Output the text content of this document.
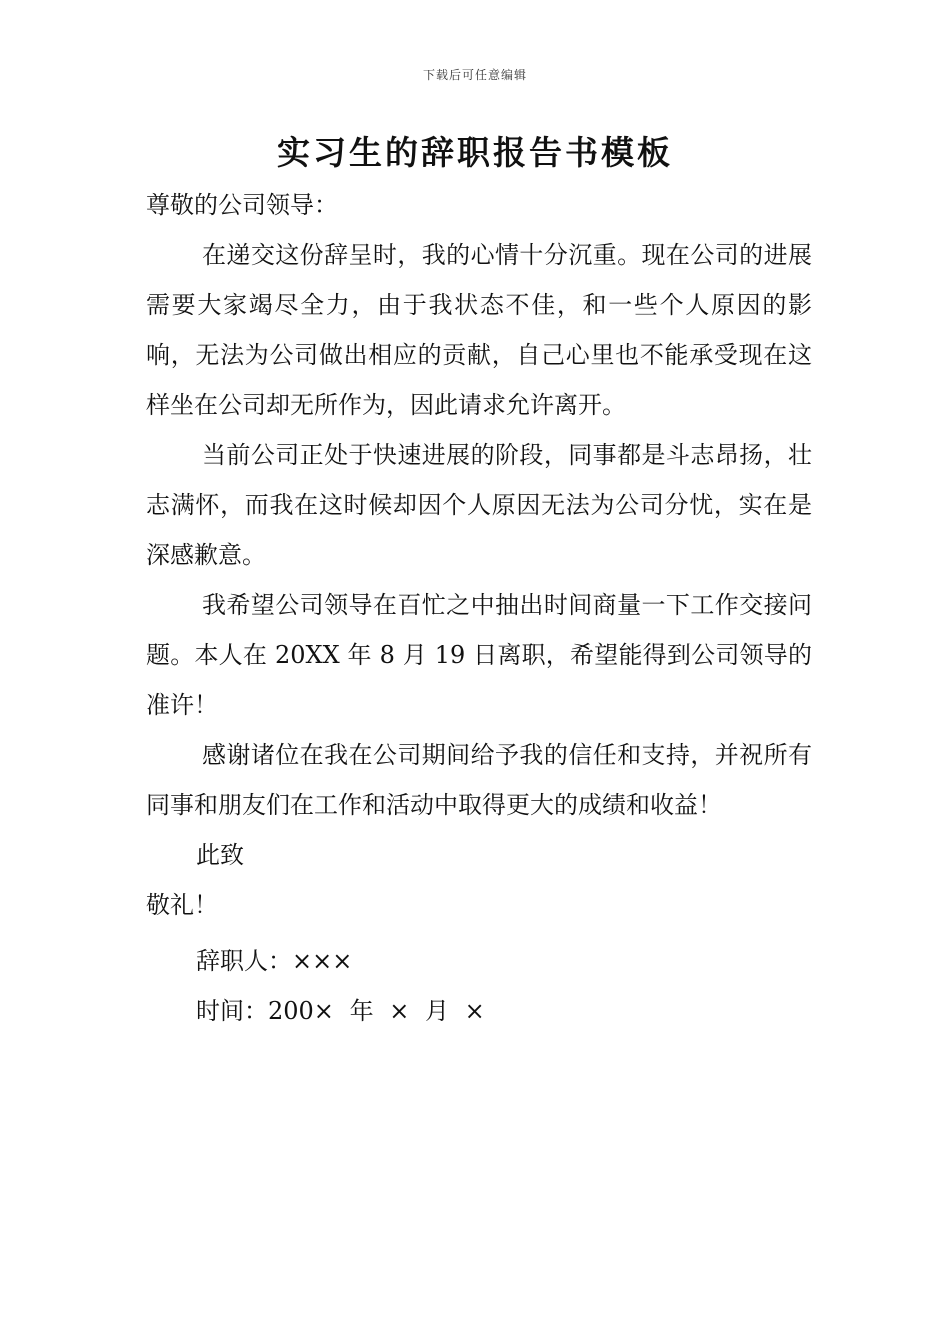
下载后可任意编辑
实习生的辞职报告书模板

尊敬的公司领导：

在递交这份辞呈时，我的心情十分沉重。现在公司的进展需要大家竭尽全力，由于我状态不佳，和一些个人原因的影响，无法为公司做出相应的贡献，自己心里也不能承受现在这样坐在公司却无所作为，因此请求允许离开。

当前公司正处于快速进展的阶段，同事都是斗志昂扬，壮志满怀，而我在这时候却因个人原因无法为公司分忧，实在是深感歉意。

我希望公司领导在百忙之中抽出时间商量一下工作交接问题。本人在 20XX 年 8 月 19 日离职，希望能得到公司领导的准许！

感谢诸位在我在公司期间给予我的信任和支持，并祝所有同事和朋友们在工作和活动中取得更大的成绩和收益！

此致

敬礼！

辞职人：×××

时间：200× 年 × 月 ×
